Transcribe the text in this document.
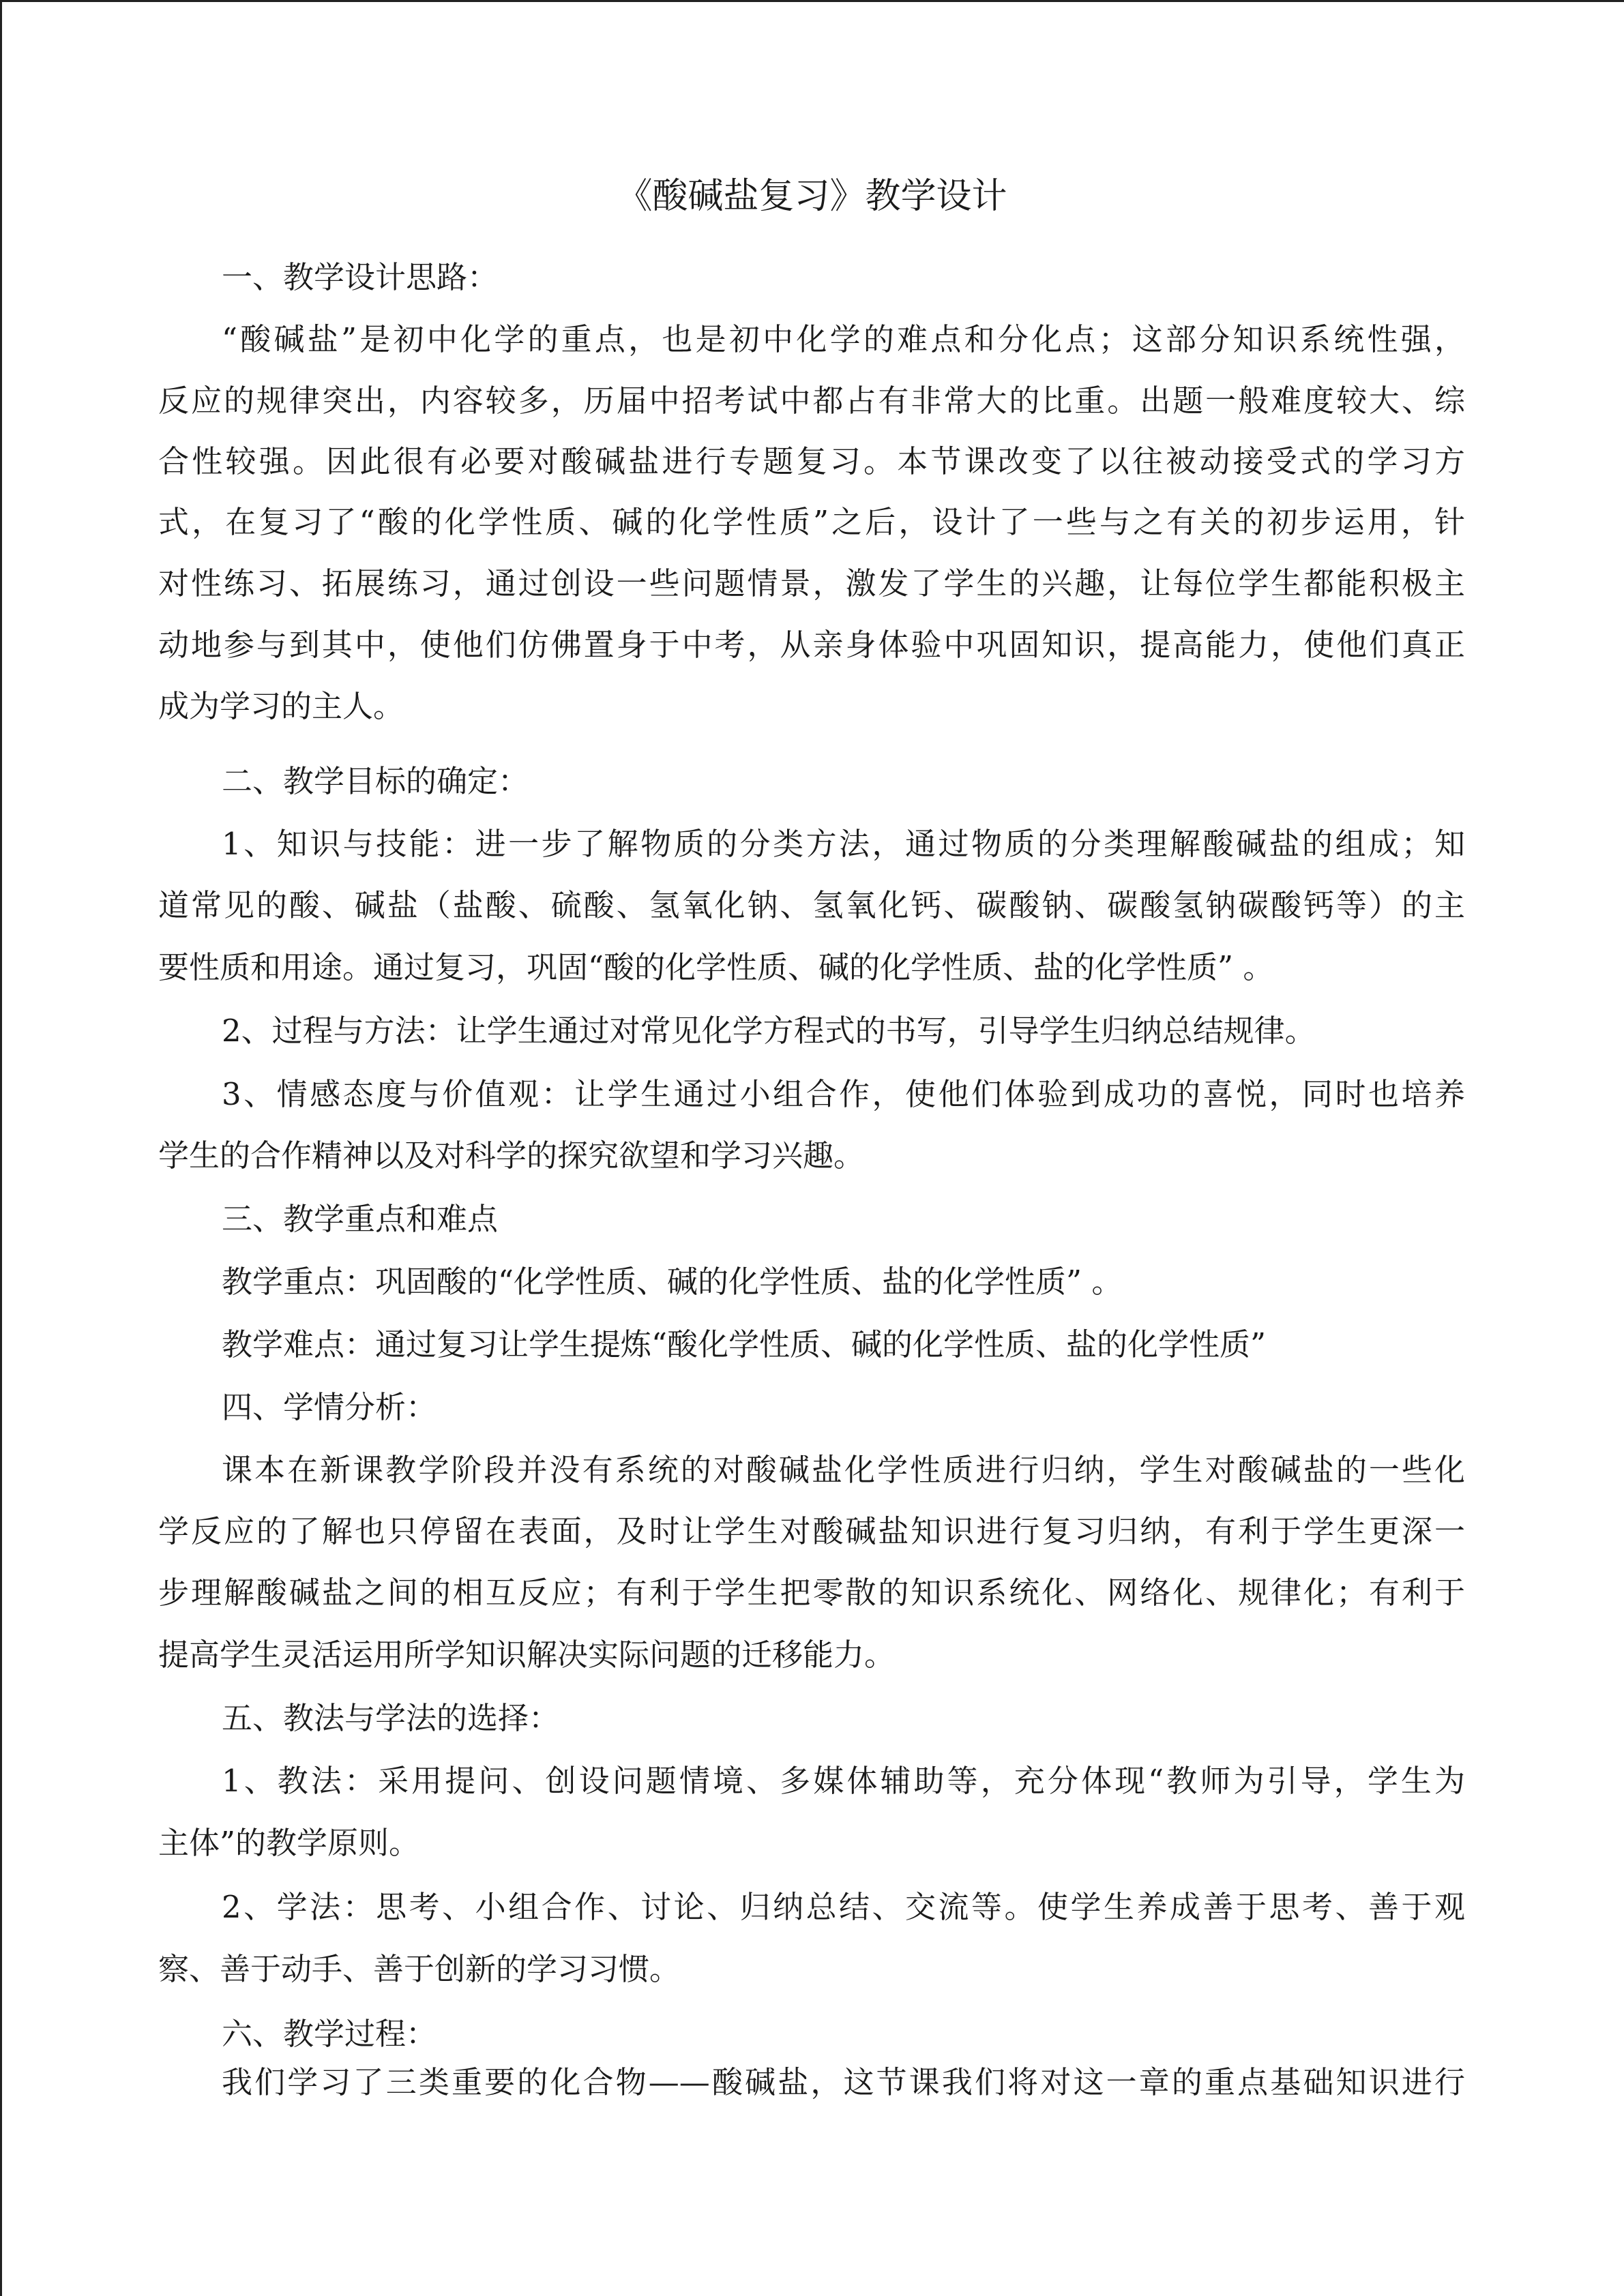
《酸碱盐复习》教学设计
一、教学设计思路：
“酸碱盐”是初中化学的重点，也是初中化学的难点和分化点；这部分知识系统性强，
反应的规律突出，内容较多，历届中招考试中都占有非常大的比重。出题一般难度较大、综
合性较强。因此很有必要对酸碱盐进行专题复习。本节课改变了以往被动接受式的学习方
式，在复习了“酸的化学性质、碱的化学性质”之后，设计了一些与之有关的初步运用，针
对性练习、拓展练习，通过创设一些问题情景，激发了学生的兴趣，让每位学生都能积极主
动地参与到其中，使他们仿佛置身于中考，从亲身体验中巩固知识，提高能力，使他们真正
成为学习的主人。
二、教学目标的确定：
1、知识与技能：进一步了解物质的分类方法，通过物质的分类理解酸碱盐的组成；知
道常见的酸、碱盐（盐酸、硫酸、氢氧化钠、氢氧化钙、碳酸钠、碳酸氢钠碳酸钙等）的主
要性质和用途。通过复习，巩固“酸的化学性质、碱的化学性质、盐的化学性质” 。
2、过程与方法：让学生通过对常见化学方程式的书写，引导学生归纳总结规律。
3、情感态度与价值观：让学生通过小组合作，使他们体验到成功的喜悦，同时也培养
学生的合作精神以及对科学的探究欲望和学习兴趣。
三、教学重点和难点
教学重点：巩固酸的“化学性质、碱的化学性质、盐的化学性质” 。
教学难点：通过复习让学生提炼“酸化学性质、碱的化学性质、盐的化学性质”
四、学情分析：
课本在新课教学阶段并没有系统的对酸碱盐化学性质进行归纳，学生对酸碱盐的一些化
学反应的了解也只停留在表面，及时让学生对酸碱盐知识进行复习归纳，有利于学生更深一
步理解酸碱盐之间的相互反应；有利于学生把零散的知识系统化、网络化、规律化；有利于
提高学生灵活运用所学知识解决实际问题的迁移能力。
五、教法与学法的选择：
1、教法：采用提问、创设问题情境、多媒体辅助等，充分体现“教师为引导，学生为
主体”的教学原则。
2、学法：思考、小组合作、讨论、归纳总结、交流等。使学生养成善于思考、善于观
察、善于动手、善于创新的学习习惯。
六、教学过程：
我们学习了三类重要的化合物——酸碱盐，这节课我们将对这一章的重点基础知识进行
